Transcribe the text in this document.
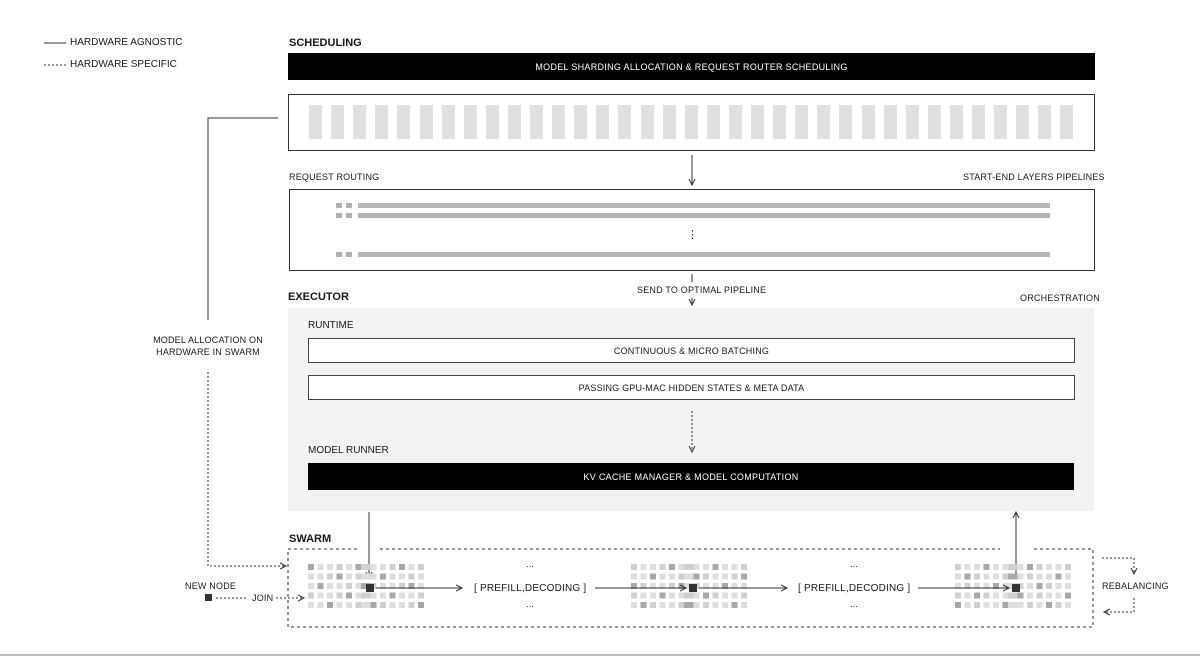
HARDWARE AGNOSTIC
HARDWARE SPECIFIC
SCHEDULING
MODEL SHARDING ALLOCATION & REQUEST ROUTER SCHEDULING
REQUEST ROUTING	START-END LAYERS PIPELINES
⋮
SEND TO OPTIMAL PIPELINE
EXECUTOR	ORCHESTRATION
RUNTIME
CONTINUOUS & MICRO BATCHING
PASSING GPU-MAC HIDDEN STATES & META DATA
MODEL RUNNER
KV CACHE MANAGER & MODEL COMPUTATION
MODEL ALLOCATION ON HARDWARE IN SWARM
SWARM
[ PREFILL,DECODING ]	[ PREFILL,DECODING ]
...
...
...
...
NEW NODE
JOIN
REBALANCING
